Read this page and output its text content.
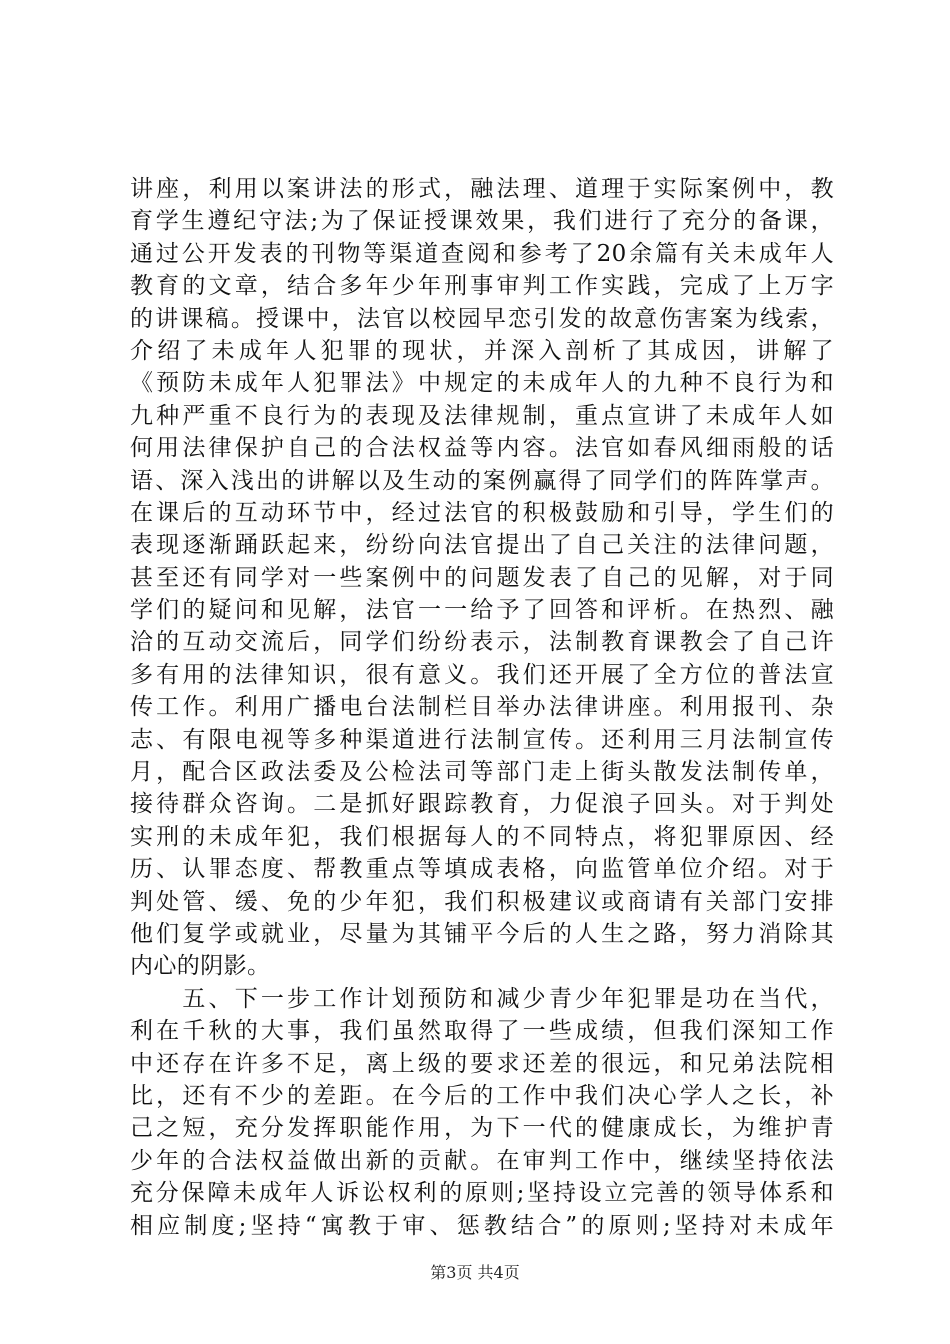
讲座，利用以案讲法的形式，融法理、道理于实际案例中，教
育学生遵纪守法;为了保证授课效果，我们进行了充分的备课，
通过公开发表的刊物等渠道查阅和参考了20余篇有关未成年人
教育的文章，结合多年少年刑事审判工作实践，完成了上万字
的讲课稿。授课中，法官以校园早恋引发的故意伤害案为线索，
介绍了未成年人犯罪的现状，并深入剖析了其成因，讲解了
《预防未成年人犯罪法》中规定的未成年人的九种不良行为和
九种严重不良行为的表现及法律规制，重点宣讲了未成年人如
何用法律保护自己的合法权益等内容。法官如春风细雨般的话
语、深入浅出的讲解以及生动的案例赢得了同学们的阵阵掌声。
在课后的互动环节中，经过法官的积极鼓励和引导，学生们的
表现逐渐踊跃起来，纷纷向法官提出了自己关注的法律问题，
甚至还有同学对一些案例中的问题发表了自己的见解，对于同
学们的疑问和见解，法官一一给予了回答和评析。在热烈、融
洽的互动交流后，同学们纷纷表示，法制教育课教会了自己许
多有用的法律知识，很有意义。我们还开展了全方位的普法宣
传工作。利用广播电台法制栏目举办法律讲座。利用报刊、杂
志、有限电视等多种渠道进行法制宣传。还利用三月法制宣传
月，配合区政法委及公检法司等部门走上街头散发法制传单，
接待群众咨询。二是抓好跟踪教育，力促浪子回头。对于判处
实刑的未成年犯，我们根据每人的不同特点，将犯罪原因、经
历、认罪态度、帮教重点等填成表格，向监管单位介绍。对于
判处管、缓、免的少年犯，我们积极建议或商请有关部门安排
他们复学或就业，尽量为其铺平今后的人生之路，努力消除其
内心的阴影。
　　五、下一步工作计划预防和减少青少年犯罪是功在当代，
利在千秋的大事，我们虽然取得了一些成绩，但我们深知工作
中还存在许多不足，离上级的要求还差的很远，和兄弟法院相
比，还有不少的差距。在今后的工作中我们决心学人之长，补
己之短，充分发挥职能作用，为下一代的健康成长，为维护青
少年的合法权益做出新的贡献。在审判工作中，继续坚持依法
充分保障未成年人诉讼权利的原则;坚持设立完善的领导体系和
相应制度;坚持“寓教于审、惩教结合”的原则;坚持对未成年
第3页 共4页
